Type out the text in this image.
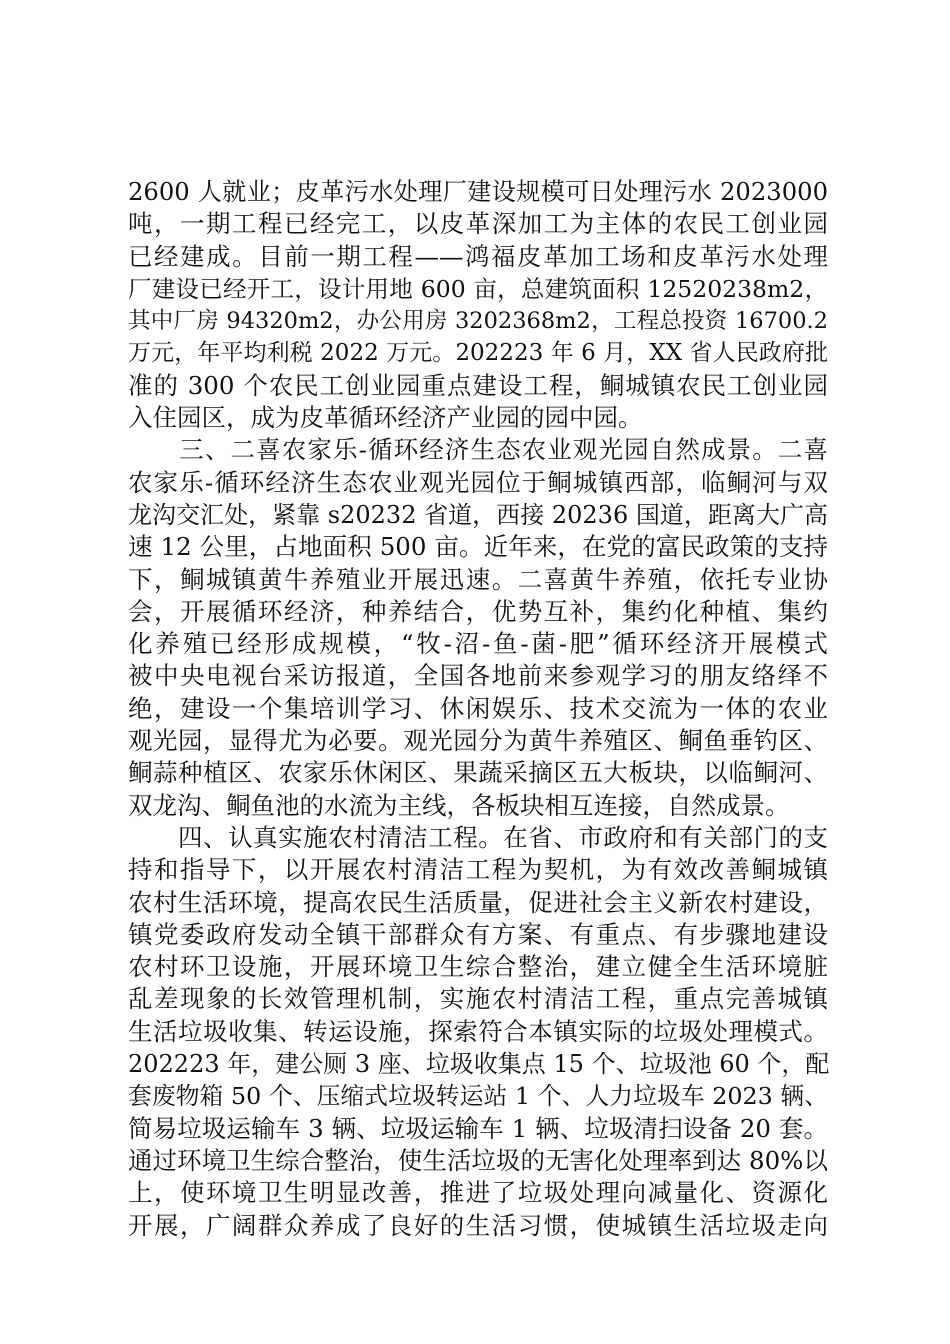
2600 人就业；皮革污水处理厂建设规模可日处理污水 2023000
吨，一期工程已经完工，以皮革深加工为主体的农民工创业园
已经建成。目前一期工程——鸿福皮革加工场和皮革污水处理
厂建设已经开工，设计用地 600 亩，总建筑面积 12520238m2，
其中厂房 94320m2，办公用房 3202368m2，工程总投资 16700.2
万元，年平均利税 2022 万元。202223 年 6 月，XX 省人民政府批
准的 300 个农民工创业园重点建设工程，鲖城镇农民工创业园
入住园区，成为皮革循环经济产业园的园中园。
　　三、二喜农家乐-循环经济生态农业观光园自然成景。二喜
农家乐-循环经济生态农业观光园位于鲖城镇西部，临鲖河与双
龙沟交汇处，紧靠 s20232 省道，西接 20236 国道，距离大广高
速 12 公里，占地面积 500 亩。近年来，在党的富民政策的支持
下，鲖城镇黄牛养殖业开展迅速。二喜黄牛养殖，依托专业协
会，开展循环经济，种养结合，优势互补，集约化种植、集约
化养殖已经形成规模，“牧-沼-鱼-菌-肥”循环经济开展模式
被中央电视台采访报道，全国各地前来参观学习的朋友络绎不
绝，建设一个集培训学习、休闲娱乐、技术交流为一体的农业
观光园，显得尤为必要。观光园分为黄牛养殖区、鲖鱼垂钓区、
鲖蒜种植区、农家乐休闲区、果蔬采摘区五大板块，以临鲖河、
双龙沟、鲖鱼池的水流为主线，各板块相互连接，自然成景。
　　四、认真实施农村清洁工程。在省、市政府和有关部门的支
持和指导下，以开展农村清洁工程为契机，为有效改善鲖城镇
农村生活环境，提高农民生活质量，促进社会主义新农村建设，
镇党委政府发动全镇干部群众有方案、有重点、有步骤地建设
农村环卫设施，开展环境卫生综合整治，建立健全生活环境脏
乱差现象的长效管理机制，实施农村清洁工程，重点完善城镇
生活垃圾收集、转运设施，探索符合本镇实际的垃圾处理模式。
202223 年，建公厕 3 座、垃圾收集点 15 个、垃圾池 60 个，配
套废物箱 50 个、压缩式垃圾转运站 1 个、人力垃圾车 2023 辆、
简易垃圾运输车 3 辆、垃圾运输车 1 辆、垃圾清扫设备 20 套。
通过环境卫生综合整治，使生活垃圾的无害化处理率到达 80%以
上，使环境卫生明显改善，推进了垃圾处理向减量化、资源化
开展，广阔群众养成了良好的生活习惯，使城镇生活垃圾走向
